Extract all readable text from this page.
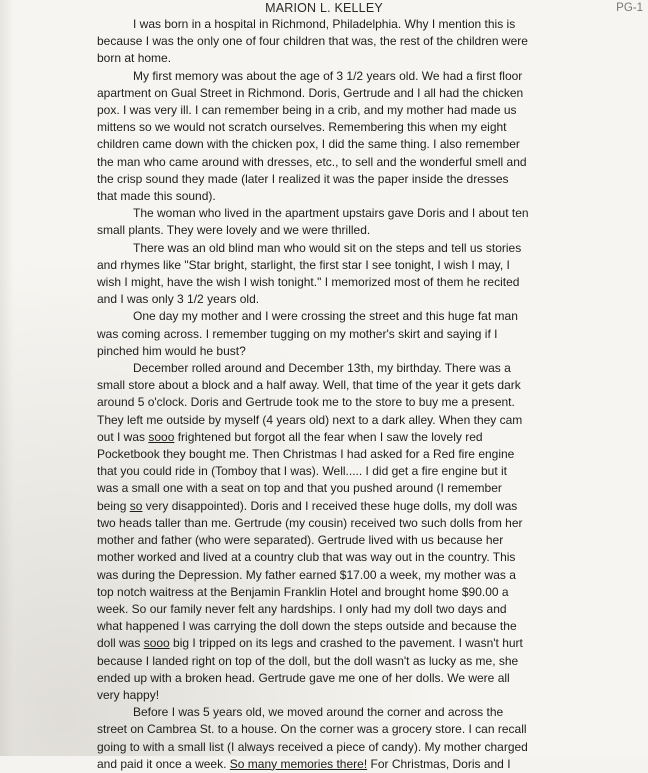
MARION L. KELLEY	PG-1
I was born in a hospital in Richmond, Philadelphia. Why I mention this is
because I was the only one of four children that was, the rest of the children were
born at home.
My first memory was about the age of 3 1/2 years old. We had a first floor
apartment on Gual Street in Richmond. Doris, Gertrude and I all had the chicken
pox. I was very ill. I can remember being in a crib, and my mother had made us
mittens so we would not scratch ourselves. Remembering this when my eight
children came down with the chicken pox, I did the same thing. I also remember
the man who came around with dresses, etc., to sell and the wonderful smell and
the crisp sound they made (later I realized it was the paper inside the dresses
that made this sound).
The woman who lived in the apartment upstairs gave Doris and I about ten
small plants. They were lovely and we were thrilled.
There was an old blind man who would sit on the steps and tell us stories
and rhymes like "Star bright, starlight, the first star I see tonight, I wish I may, I
wish I might, have the wish I wish tonight." I memorized most of them he recited
and I was only 3 1/2 years old.
One day my mother and I were crossing the street and this huge fat man
was coming across. I remember tugging on my mother's skirt and saying if I
pinched him would he bust?
December rolled around and December 13th, my birthday. There was a
small store about a block and a half away. Well, that time of the year it gets dark
around 5 o'clock. Doris and Gertrude took me to the store to buy me a present.
They left me outside by myself (4 years old) next to a dark alley. When they cam
out I was sooo frightened but forgot all the fear when I saw the lovely red
Pocketbook they bought me. Then Christmas I had asked for a Red fire engine
that you could ride in (Tomboy that I was). Well..... I did get a fire engine but it
was a small one with a seat on top and that you pushed around (I remember
being so very disappointed). Doris and I received these huge dolls, my doll was
two heads taller than me. Gertrude (my cousin) received two such dolls from her
mother and father (who were separated). Gertrude lived with us because her
mother worked and lived at a country club that was way out in the country. This
was during the Depression. My father earned $17.00 a week, my mother was a
top notch waitress at the Benjamin Franklin Hotel and brought home $90.00 a
week. So our family never felt any hardships. I only had my doll two days and
what happened I was carrying the doll down the steps outside and because the
doll was sooo big I tripped on its legs and crashed to the pavement. I wasn't hurt
because I landed right on top of the doll, but the doll wasn't as lucky as me, she
ended up with a broken head. Gertrude gave me one of her dolls. We were all
very happy!
Before I was 5 years old, we moved around the corner and across the
street on Cambrea St. to a house. On the corner was a grocery store. I can recall
going to with a small list (I always received a piece of candy). My mother charged
and paid it once a week. So many memories there! For Christmas, Doris and I
